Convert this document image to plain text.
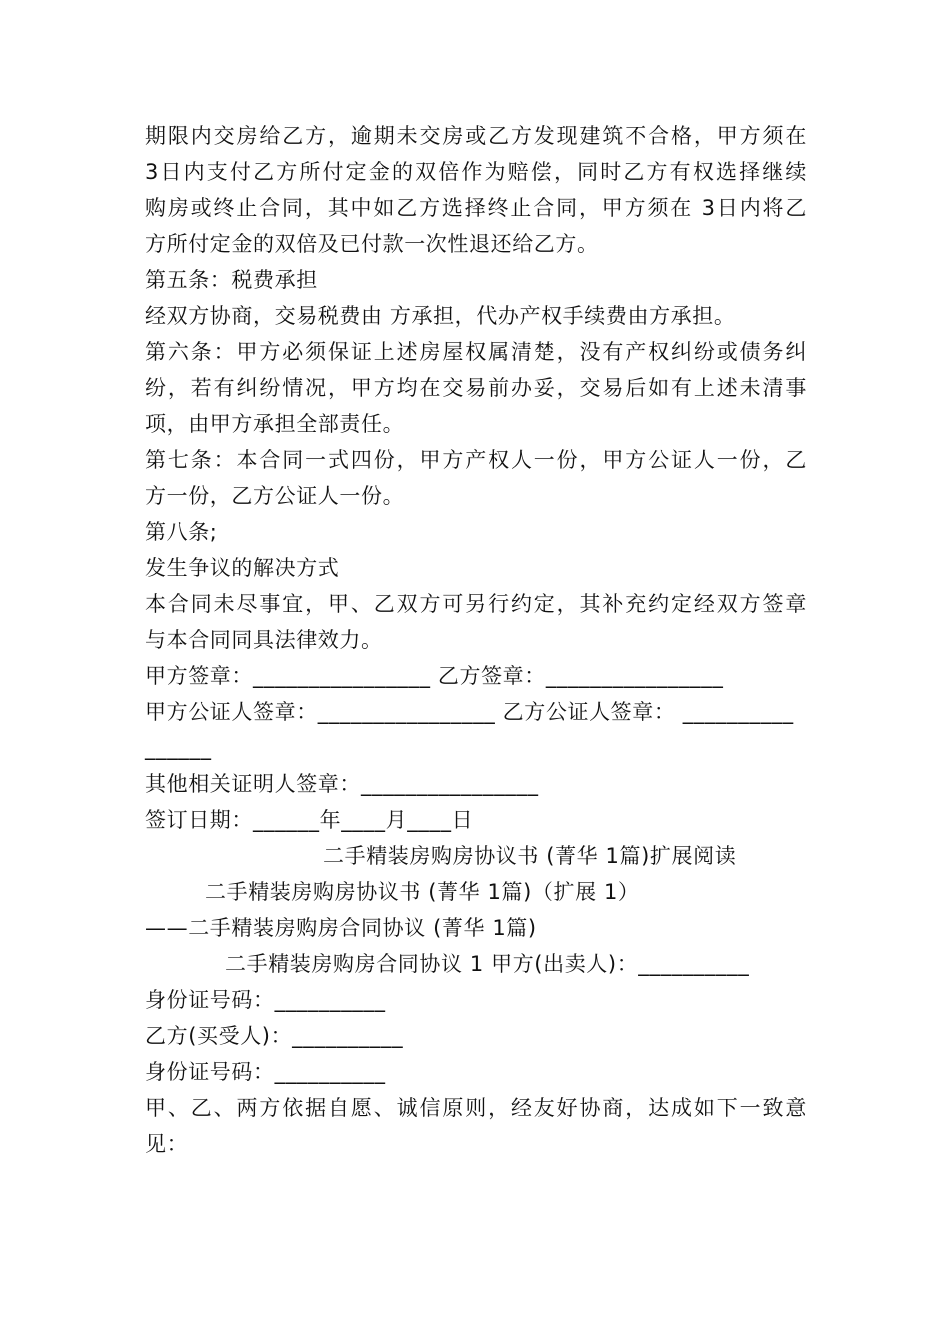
期限内交房给乙方，逾期未交房或乙方发现建筑不合格，甲方须在
3日内支付乙方所付定金的双倍作为赔偿，同时乙方有权选择继续
购房或终止合同，其中如乙方选择终止合同，甲方须在 3日内将乙
方所付定金的双倍及已付款一次性退还给乙方。
第五条：税费承担
经双方协商，交易税费由 方承担，代办产权手续费由方承担。
第六条：甲方必须保证上述房屋权属清楚，没有产权纠纷或债务纠
纷，若有纠纷情况，甲方均在交易前办妥，交易后如有上述未清事
项，由甲方承担全部责任。
第七条：本合同一式四份，甲方产权人一份，甲方公证人一份，乙
方一份，乙方公证人一份。
第八条;
发生争议的解决方式
本合同未尽事宜，甲、乙双方可另行约定，其补充约定经双方签章
与本合同同具法律效力。
甲方签章：________________ 乙方签章：________________
甲方公证人签章：________________ 乙方公证人签章： __________
______
其他相关证明人签章：________________
签订日期：______年____月____日
二手精装房购房协议书 (菁华 1篇)扩展阅读
二手精装房购房协议书 (菁华 1篇)（扩展 1）
——二手精装房购房合同协议 (菁华 1篇)
二手精装房购房合同协议 1 甲方(出卖人)：__________
身份证号码：__________
乙方(买受人)：__________
身份证号码：__________
甲、乙、两方依据自愿、诚信原则，经友好协商，达成如下一致意
见：
